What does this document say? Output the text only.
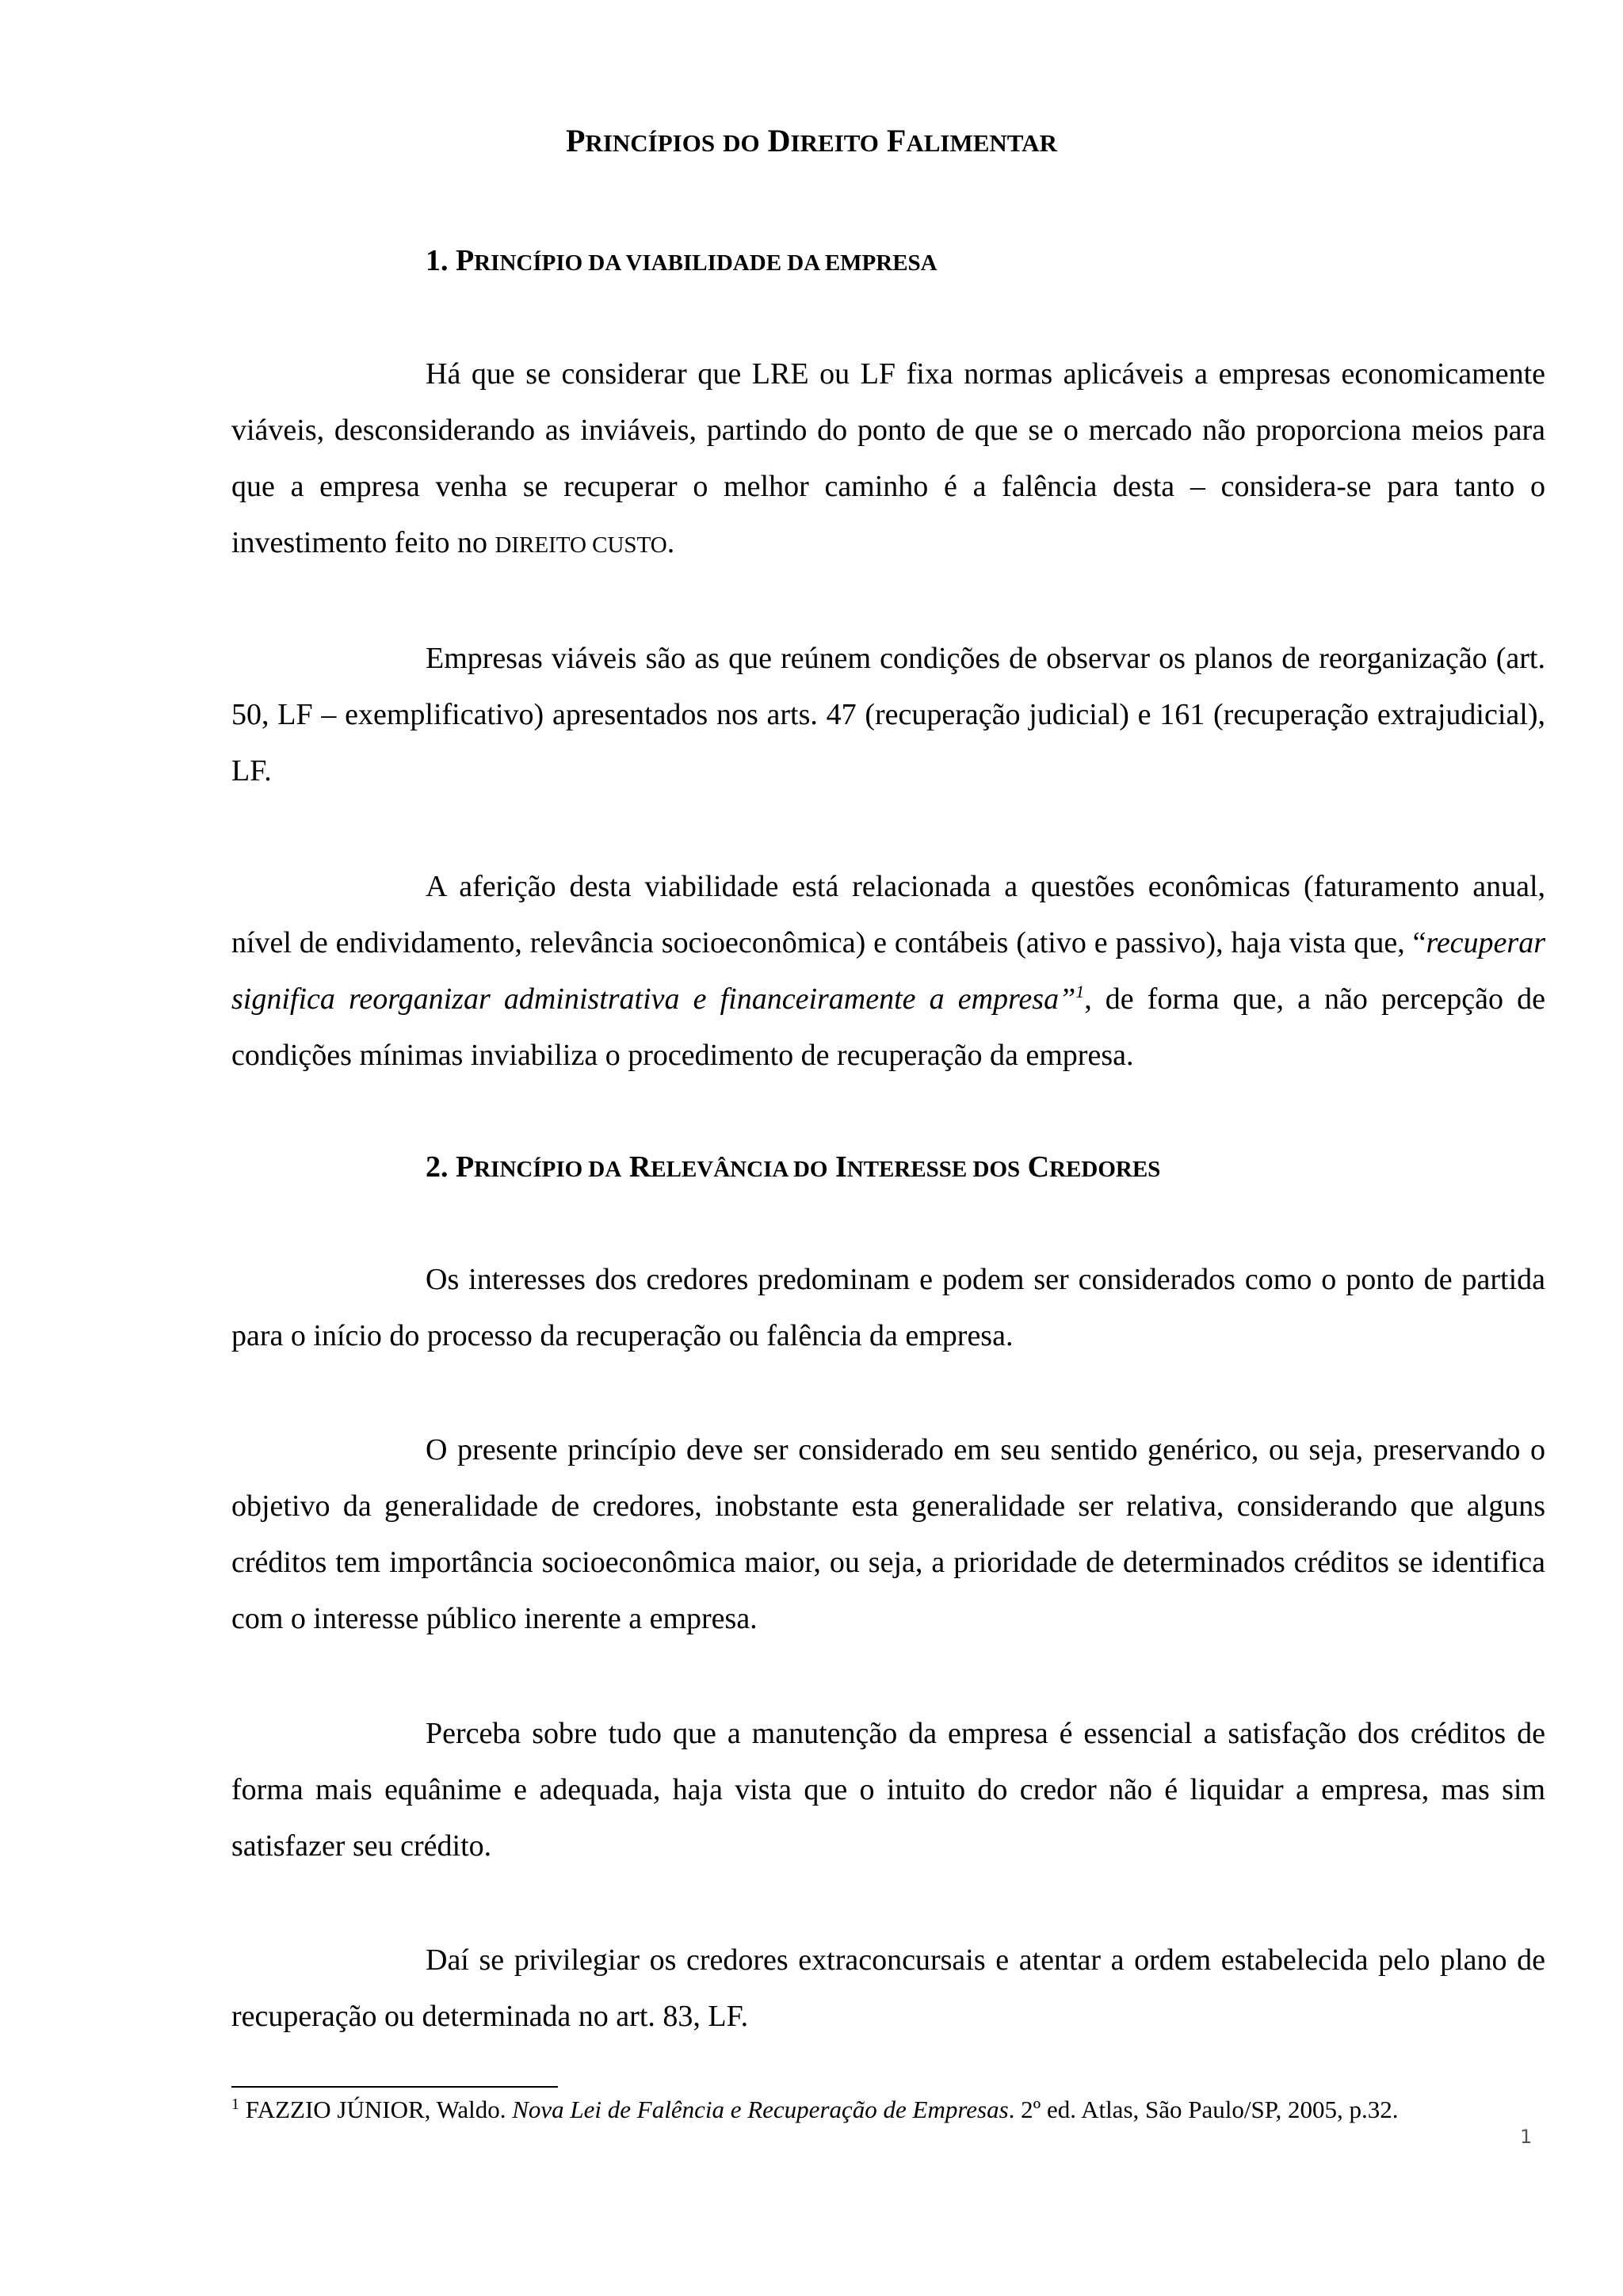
PRINCÍPIOS DO DIREITO FALIMENTAR
1. PRINCÍPIO DA VIABILIDADE DA EMPRESA

Há que se considerar que LRE ou LF fixa normas aplicáveis a empresas economicamente viáveis, desconsiderando as inviáveis, partindo do ponto de que se o mercado não proporciona meios para que a empresa venha se recuperar o melhor caminho é a falência desta – considera-se para tanto o investimento feito no DIREITO CUSTO.

Empresas viáveis são as que reúnem condições de observar os planos de reorganização (art. 50, LF – exemplificativo) apresentados nos arts. 47 (recuperação judicial) e 161 (recuperação extrajudicial), LF.

A aferição desta viabilidade está relacionada a questões econômicas (faturamento anual, nível de endividamento, relevância socioeconômica) e contábeis (ativo e passivo), haja vista que, “recuperar significa reorganizar administrativa e financeiramente a empresa”$^1$, de forma que, a não percepção de condições mínimas inviabiliza o procedimento de recuperação da empresa.

2. PRINCÍPIO DA RELEVÂNCIA DO INTERESSE DOS CREDORES

Os interesses dos credores predominam e podem ser considerados como o ponto de partida para o início do processo da recuperação ou falência da empresa.

O presente princípio deve ser considerado em seu sentido genérico, ou seja, preservando o objetivo da generalidade de credores, inobstante esta generalidade ser relativa, considerando que alguns créditos tem importância socioeconômica maior, ou seja, a prioridade de determinados créditos se identifica com o interesse público inerente a empresa.

Perceba sobre tudo que a manutenção da empresa é essencial a satisfação dos créditos de forma mais equânime e adequada, haja vista que o intuito do credor não é liquidar a empresa, mas sim satisfazer seu crédito.

Daí se privilegiar os credores extraconcursais e atentar a ordem estabelecida pelo plano de recuperação ou determinada no art. 83, LF.

$^1$ FAZZIO JÚNIOR, Waldo. Nova Lei de Falência e Recuperação de Empresas. 2º ed. Atlas, São Paulo/SP, 2005, p.32.

1
